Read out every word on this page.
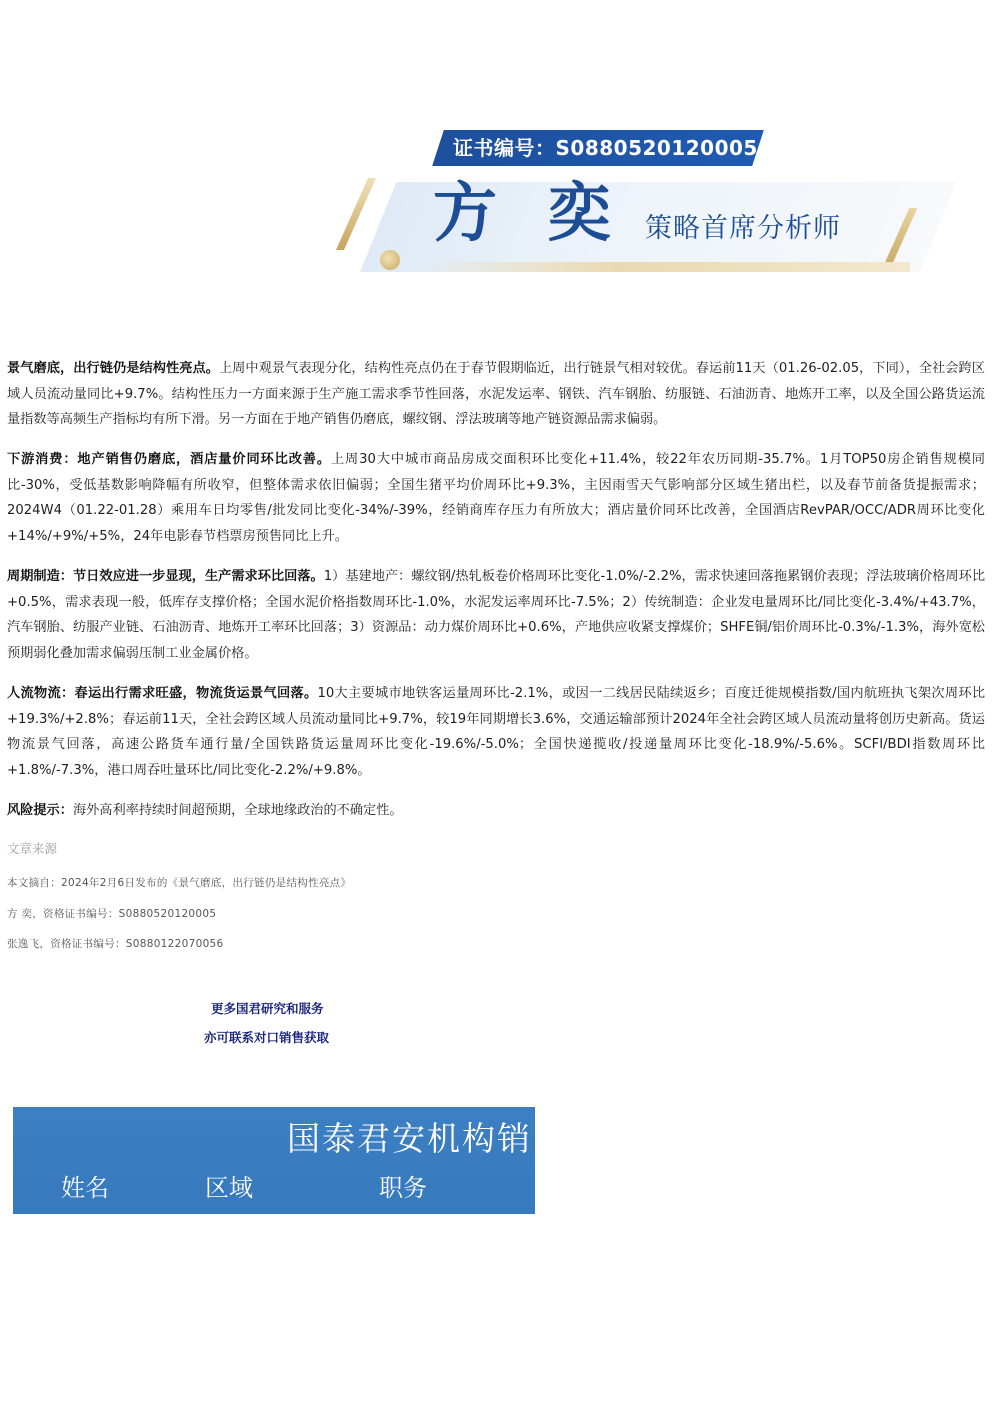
证书编号：S0880520120005
方 奕 策略首席分析师

景气磨底，出行链仍是结构性亮点。上周中观景气表现分化，结构性亮点仍在于春节假期临近，出行链景气相对较优。春运前11天（01.26-02.05，下同），全社会跨区域人员流动量同比+9.7%。结构性压力一方面来源于生产施工需求季节性回落，水泥发运率、钢铁、汽车钢胎、纺服链、石油沥青、地炼开工率，以及全国公路货运流量指数等高频生产指标均有所下滑。另一方面在于地产销售仍磨底，螺纹钢、浮法玻璃等地产链资源品需求偏弱。

下游消费：地产销售仍磨底，酒店量价同环比改善。上周30大中城市商品房成交面积环比变化+11.4%，较22年农历同期-35.7%。1月TOP50房企销售规模同比-30%，受低基数影响降幅有所收窄，但整体需求依旧偏弱；全国生猪平均价周环比+9.3%，主因雨雪天气影响部分区域生猪出栏，以及春节前备货提振需求；2024W4（01.22-01.28）乘用车日均零售/批发同比变化-34%/-39%，经销商库存压力有所放大；酒店量价同环比改善，全国酒店RevPAR/OCC/ADR周环比变化+14%/+9%/+5%，24年电影春节档票房预售同比上升。

周期制造：节日效应进一步显现，生产需求环比回落。1）基建地产：螺纹钢/热轧板卷价格周环比变化-1.0%/-2.2%，需求快速回落拖累钢价表现；浮法玻璃价格周环比+0.5%，需求表现一般，低库存支撑价格；全国水泥价格指数周环比-1.0%，水泥发运率周环比-7.5%；2）传统制造：企业发电量周环比/同比变化-3.4%/+43.7%，汽车钢胎、纺服产业链、石油沥青、地炼开工率环比回落；3）资源品：动力煤价周环比+0.6%，产地供应收紧支撑煤价；SHFE铜/铝价周环比-0.3%/-1.3%，海外宽松预期弱化叠加需求偏弱压制工业金属价格。

人流物流：春运出行需求旺盛，物流货运景气回落。10大主要城市地铁客运量周环比-2.1%，或因一二线居民陆续返乡；百度迁徙规模指数/国内航班执飞架次周环比+19.3%/+2.8%；春运前11天，全社会跨区域人员流动量同比+9.7%，较19年同期增长3.6%，交通运输部预计2024年全社会跨区域人员流动量将创历史新高。货运物流景气回落，高速公路货车通行量/全国铁路货运量周环比变化-19.6%/-5.0%；全国快递揽收/投递量周环比变化-18.9%/-5.6%。SCFI/BDI指数周环比+1.8%/-7.3%，港口周吞吐量环比/同比变化-2.2%/+9.8%。

风险提示：海外高利率持续时间超预期，全球地缘政治的不确定性。

文章来源
本文摘自：2024年2月6日发布的《景气磨底，出行链仍是结构性亮点》
方 奕，资格证书编号：S0880520120005
张逸飞，资格证书编号：S0880122070056
更多国君研究和服务
亦可联系对口销售获取
国泰君安机构销
姓名	区域	职务
